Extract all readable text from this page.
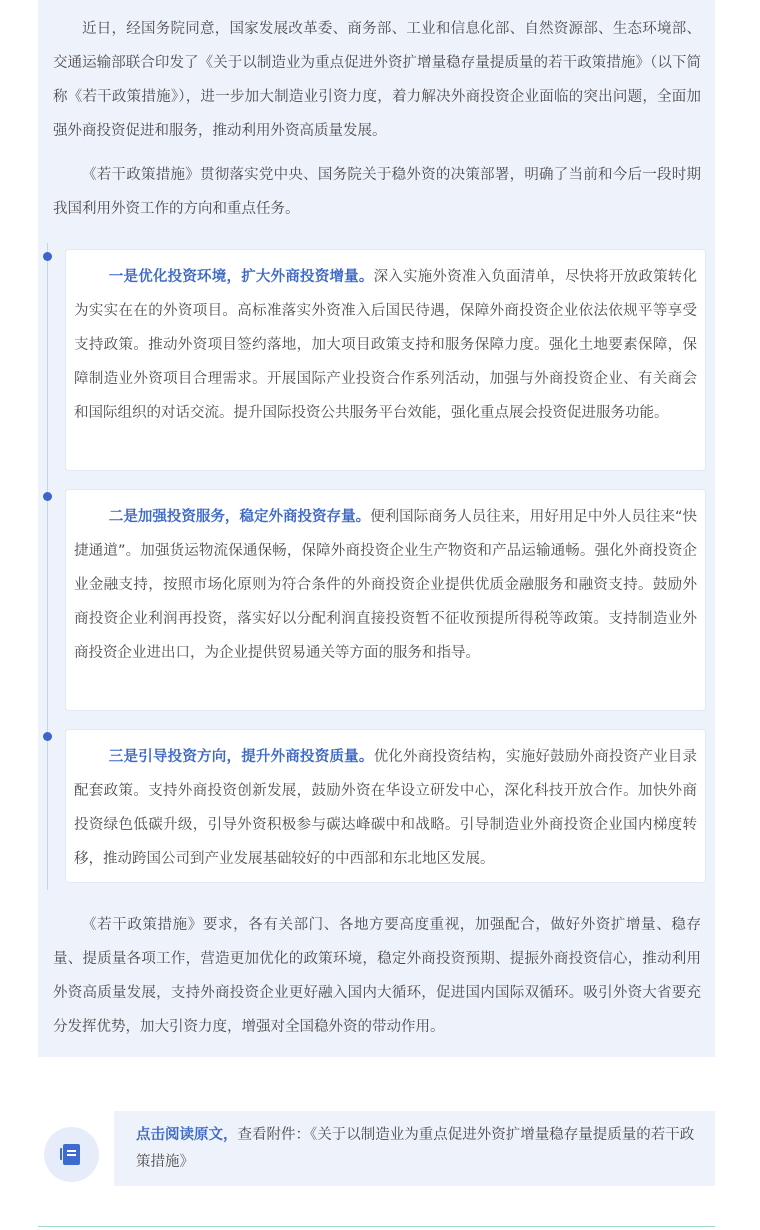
近日，经国务院同意，国家发展改革委、商务部、工业和信息化部、自然资源部、生态环境部、交通运输部联合印发了《关于以制造业为重点促进外资扩增量稳存量提质量的若干政策措施》（以下简称《若干政策措施》），进一步加大制造业引资力度，着力解决外商投资企业面临的突出问题，全面加强外商投资促进和服务，推动利用外资高质量发展。

《若干政策措施》贯彻落实党中央、国务院关于稳外资的决策部署，明确了当前和今后一段时期我国利用外资工作的方向和重点任务。

一是优化投资环境，扩大外商投资增量。深入实施外资准入负面清单，尽快将开放政策转化为实实在在的外资项目。高标准落实外资准入后国民待遇，保障外商投资企业依法依规平等享受支持政策。推动外资项目签约落地，加大项目政策支持和服务保障力度。强化土地要素保障，保障制造业外资项目合理需求。开展国际产业投资合作系列活动，加强与外商投资企业、有关商会和国际组织的对话交流。提升国际投资公共服务平台效能，强化重点展会投资促进服务功能。

二是加强投资服务，稳定外商投资存量。便利国际商务人员往来，用好用足中外人员往来“快捷通道”。加强货运物流保通保畅，保障外商投资企业生产物资和产品运输通畅。强化外商投资企业金融支持，按照市场化原则为符合条件的外商投资企业提供优质金融服务和融资支持。鼓励外商投资企业利润再投资，落实好以分配利润直接投资暂不征收预提所得税等政策。支持制造业外商投资企业进出口，为企业提供贸易通关等方面的服务和指导。

三是引导投资方向，提升外商投资质量。优化外商投资结构，实施好鼓励外商投资产业目录配套政策。支持外商投资创新发展，鼓励外资在华设立研发中心，深化科技开放合作。加快外商投资绿色低碳升级，引导外资积极参与碳达峰碳中和战略。引导制造业外商投资企业国内梯度转移，推动跨国公司到产业发展基础较好的中西部和东北地区发展。

《若干政策措施》要求，各有关部门、各地方要高度重视，加强配合，做好外资扩增量、稳存量、提质量各项工作，营造更加优化的政策环境，稳定外商投资预期、提振外商投资信心，推动利用外资高质量发展，支持外商投资企业更好融入国内大循环，促进国内国际双循环。吸引外资大省要充分发挥优势，加大引资力度，增强对全国稳外资的带动作用。

点击阅读原文，查看附件：《关于以制造业为重点促进外资扩增量稳存量提质量的若干政策措施》
